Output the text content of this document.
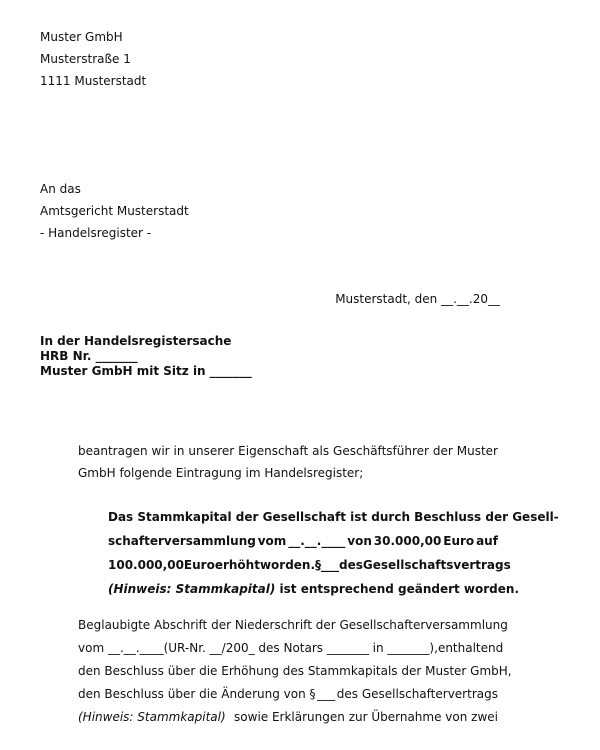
Muster GmbH
Musterstraße 1
1111 Musterstadt
An das
Amtsgericht Musterstadt
- Handelsregister -
Musterstadt, den __.__.20__
In der Handelsregistersache
HRB Nr. _______
Muster GmbH mit Sitz in _______
beantragen wir in unserer Eigenschaft als Geschäftsführer der Muster
GmbH folgende Eintragung im Handelsregister;
Das Stammkapital der Gesellschaft ist durch Beschluss der Gesell-
schafterversammlung vom __.__.____ von 30.000,00 Euro auf
100.000,00 Euro erhöht worden. § ___ des Gesellschaftsvertrags
(Hinweis: Stammkapital) ist entsprechend geändert worden.
Beglaubigte Abschrift der Niederschrift der Gesellschafterversammlung
vom __.__.____ (UR-Nr. __/200_ des Notars _______ in _______), enthaltend
den Beschluss über die Erhöhung des Stammkapitals der Muster GmbH,
den Beschluss über die Änderung von § ___ des Gesellschaftervertrags
(Hinweis: Stammkapital) sowie Erklärungen zur Übernahme von zwei
